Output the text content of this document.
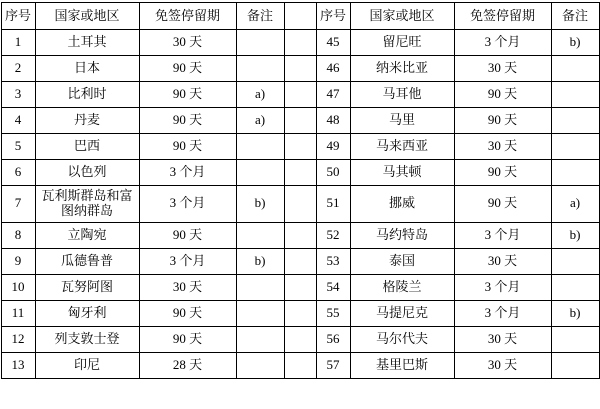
序号	国家或地区	免签停留期	备注		序号	国家或地区	免签停留期	备注
1	土耳其	30 天			45	留尼旺	3 个月	b)
2	日本	90 天			46	纳米比亚	30 天	
3	比利时	90 天	a)		47	马耳他	90 天	
4	丹麦	90 天	a)		48	马里	90 天	
5	巴西	90 天			49	马来西亚	30 天	
6	以色列	3 个月			50	马其顿	90 天	
7	瓦利斯群岛和富图纳群岛	3 个月	b)		51	挪威	90 天	a)
8	立陶宛	90 天			52	马约特岛	3 个月	b)
9	瓜德鲁普	3 个月	b)		53	泰国	30 天	
10	瓦努阿图	30 天			54	格陵兰	3 个月	
11	匈牙利	90 天			55	马提尼克	3 个月	b)
12	列支敦士登	90 天			56	马尔代夫	30 天	
13	印尼	28 天			57	基里巴斯	30 天	
